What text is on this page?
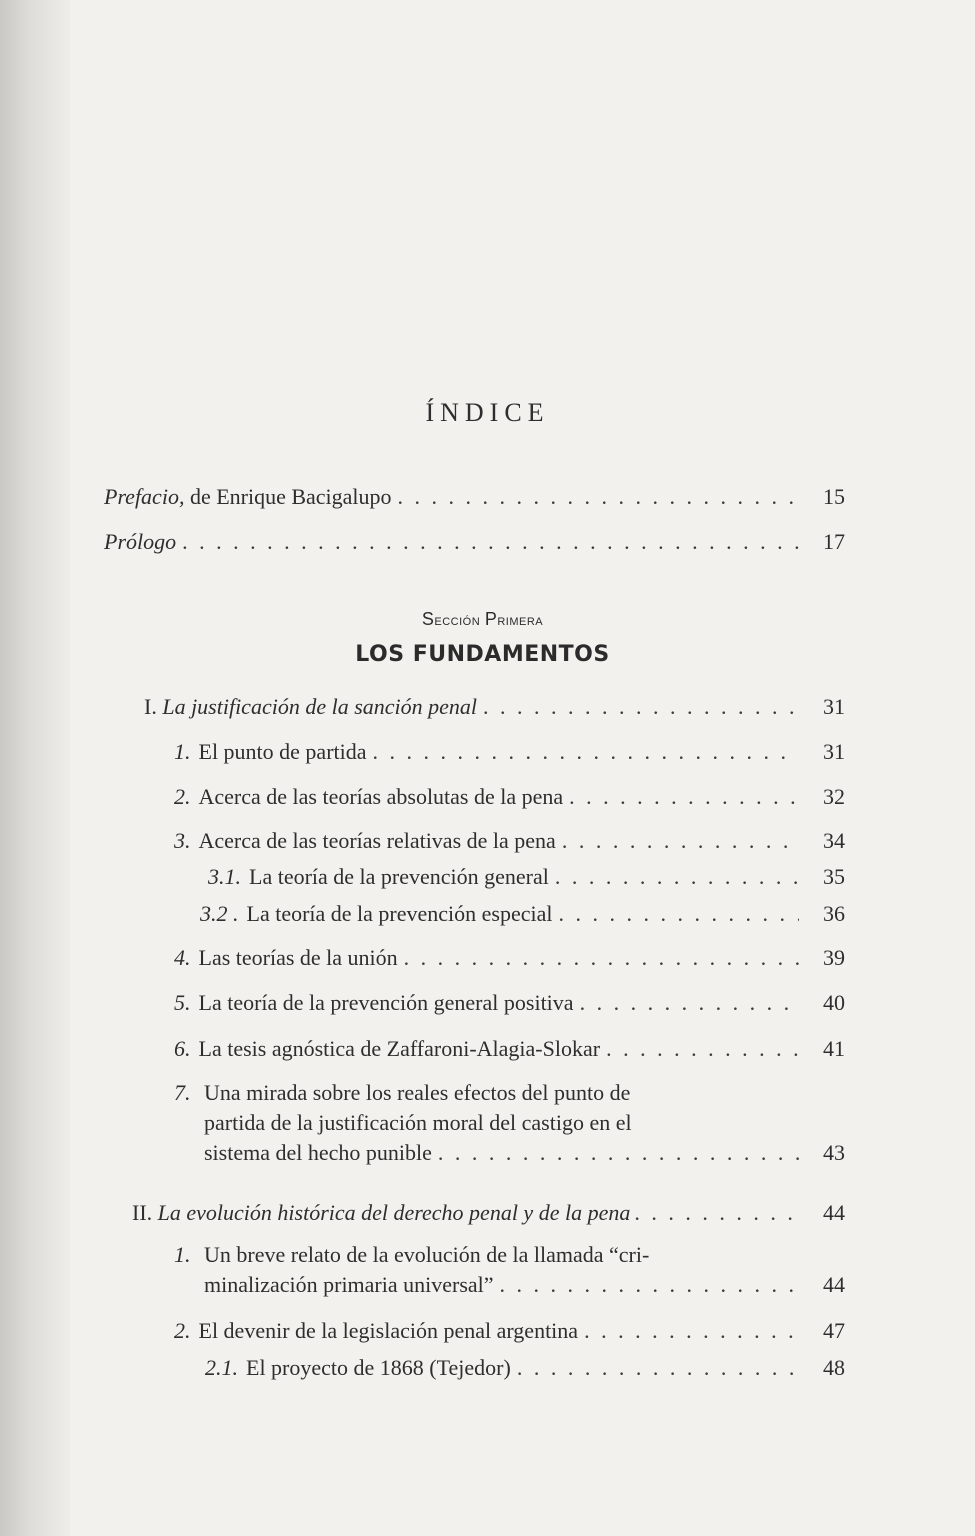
ÍNDICE
Prefacio, de Enrique Bacigalupo . . .	15
Prólogo . . .	17
Sección Primera
LOS FUNDAMENTOS
I. La justificación de la sanción penal . . .	31
1. El punto de partida . . .	31
2. Acerca de las teorías absolutas de la pena . . .	32
3. Acerca de las teorías relativas de la pena . . .	34
3.1. La teoría de la prevención general . . .	35
3.2 . La teoría de la prevención especial . . .	36
4. Las teorías de la unión . . .	39
5. La teoría de la prevención general positiva . . .	40
6. La tesis agnóstica de Zaffaroni-Alagia-Slokar . . .	41
7. Una mirada sobre los reales efectos del punto de
partida de la justificación moral del castigo en el
sistema del hecho punible . . .	43
II. La evolución histórica del derecho penal y de la pena . . .	44
1. Un breve relato de la evolución de la llamada “cri-
minalización primaria universal” . . .	44
2. El devenir de la legislación penal argentina . . .	47
2.1. El proyecto de 1868 (Tejedor) . . .	48
